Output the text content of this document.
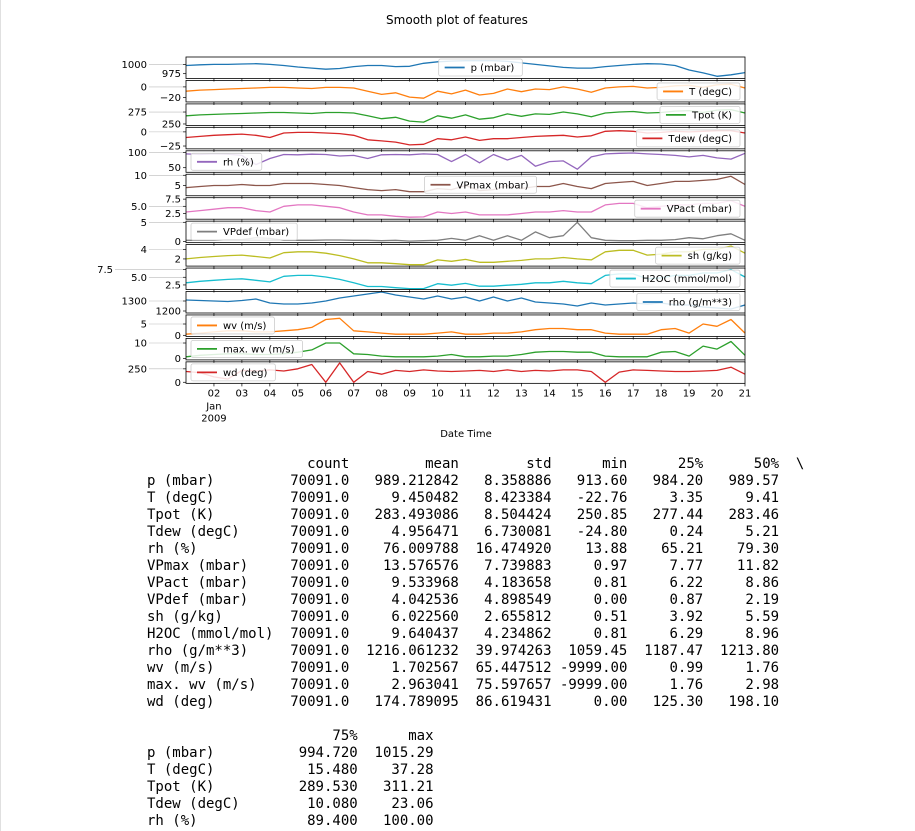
Smooth plot of features
p (mbar)
T (degC)
Tpot (K)
Tdew (degC)
rh (%)
VPmax (mbar)
VPact (mbar)
VPdef (mbar)
sh (g/kg)
H2OC (mmol/mol)
rho (g/m**3)
wv (m/s)
max. wv (m/s)
wd (deg)
975
1000
−20
0
250
275
−25
0
50
100
5
10
2.5
5.0
7.5
0
5
2
4
2.5
5.0
7.5
1200
1300
0
5
0
10
0
250
02 03 04 05 06 07 08 09 10 11 12 13 14 15 16 17 18 19 20 21
Jan
2009
Date Time
count	mean	std	min	25%	50%	\
p (mbar)	70091.0	989.212842	8.358886	913.60	984.20	989.57
T (degC)	70091.0	9.450482	8.423384	-22.76	3.35	9.41
Tpot (K)	70091.0	283.493086	8.504424	250.85	277.44	283.46
Tdew (degC)	70091.0	4.956471	6.730081	-24.80	0.24	5.21
rh (%)	70091.0	76.009788	16.474920	13.88	65.21	79.30
VPmax (mbar)	70091.0	13.576576	7.739883	0.97	7.77	11.82
VPact (mbar)	70091.0	9.533968	4.183658	0.81	6.22	8.86
VPdef (mbar)	70091.0	4.042536	4.898549	0.00	0.87	2.19
sh (g/kg)	70091.0	6.022560	2.655812	0.51	3.92	5.59
H2OC (mmol/mol)	70091.0	9.640437	4.234862	0.81	6.29	8.96
rho (g/m**3)	70091.0	1216.061232	39.974263	1059.45	1187.47	1213.80
wv (m/s)	70091.0	1.702567	65.447512 -9999.00	0.99	1.76
max. wv (m/s)	70091.0	2.963041	75.597657 -9999.00	1.76	2.98
wd (deg)	70091.0	174.789095	86.619431	0.00	125.30	198.10
75%	max
p (mbar)	994.720	1015.29
T (degC)	15.480	37.28
Tpot (K)	289.530	311.21
Tdew (degC)	10.080	23.06
rh (%)	89.400	100.00
